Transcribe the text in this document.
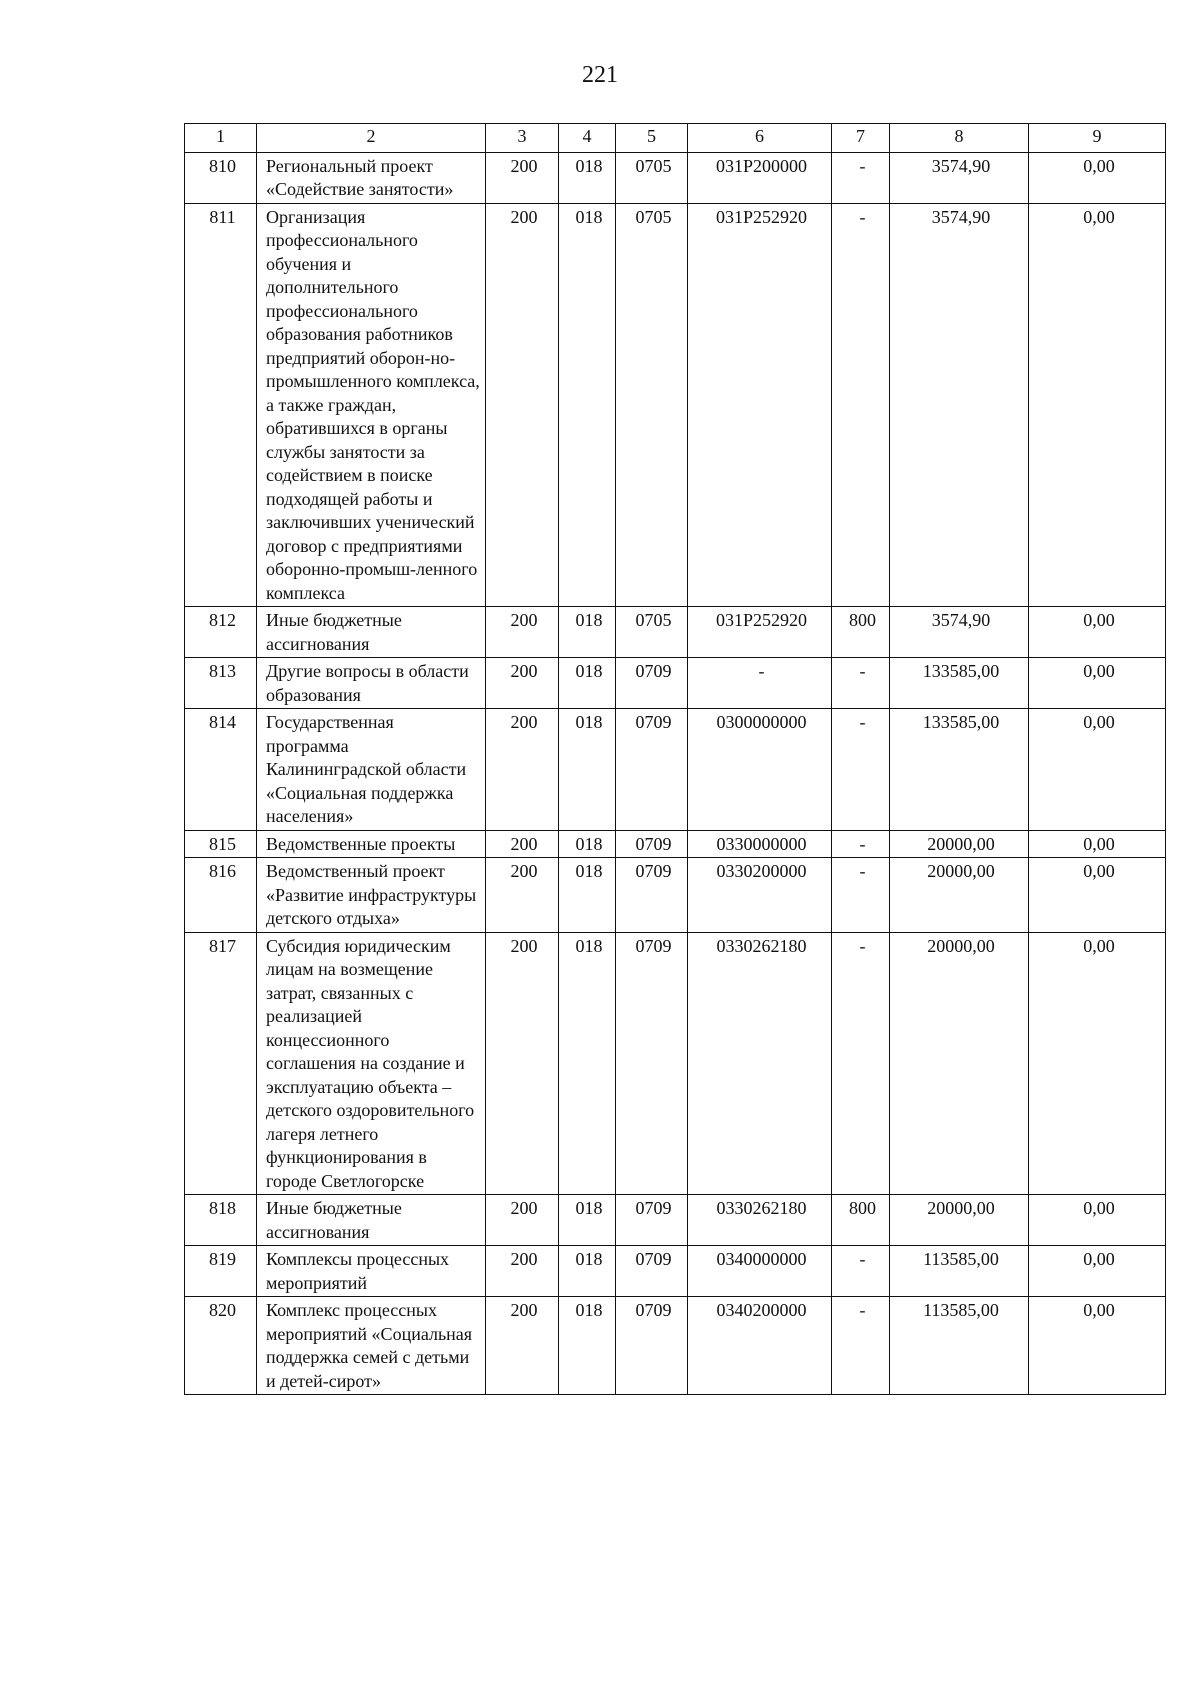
221
1	2	3	4	5	6	7	8	9
810	Региональный проект «Содействие занятости»	200	018	0705	031P200000	-	3574,90	0,00
811	Организация профессионального обучения и дополнительного профессионального образования работников предприятий оборон-но-промышленного комплекса, а также граждан, обратившихся в органы службы занятости за содействием в поиске подходящей работы и заключивших ученический договор с предприятиями оборонно-промыш-ленного комплекса	200	018	0705	031P252920	-	3574,90	0,00
812	Иные бюджетные ассигнования	200	018	0705	031P252920	800	3574,90	0,00
813	Другие вопросы в области образования	200	018	0709	-	-	133585,00	0,00
814	Государственная программа Калининградской области «Социальная поддержка населения»	200	018	0709	0300000000	-	133585,00	0,00
815	Ведомственные проекты	200	018	0709	0330000000	-	20000,00	0,00
816	Ведомственный проект «Развитие инфраструктуры детского отдыха»	200	018	0709	0330200000	-	20000,00	0,00
817	Субсидия юридическим лицам на возмещение затрат, связанных с реализацией концессионного соглашения на создание и эксплуатацию объекта – детского оздоровительного лагеря летнего функционирования в городе Светлогорске	200	018	0709	0330262180	-	20000,00	0,00
818	Иные бюджетные ассигнования	200	018	0709	0330262180	800	20000,00	0,00
819	Комплексы процессных мероприятий	200	018	0709	0340000000	-	113585,00	0,00
820	Комплекс процессных мероприятий «Социальная поддержка семей с детьми и детей-сирот»	200	018	0709	0340200000	-	113585,00	0,00
